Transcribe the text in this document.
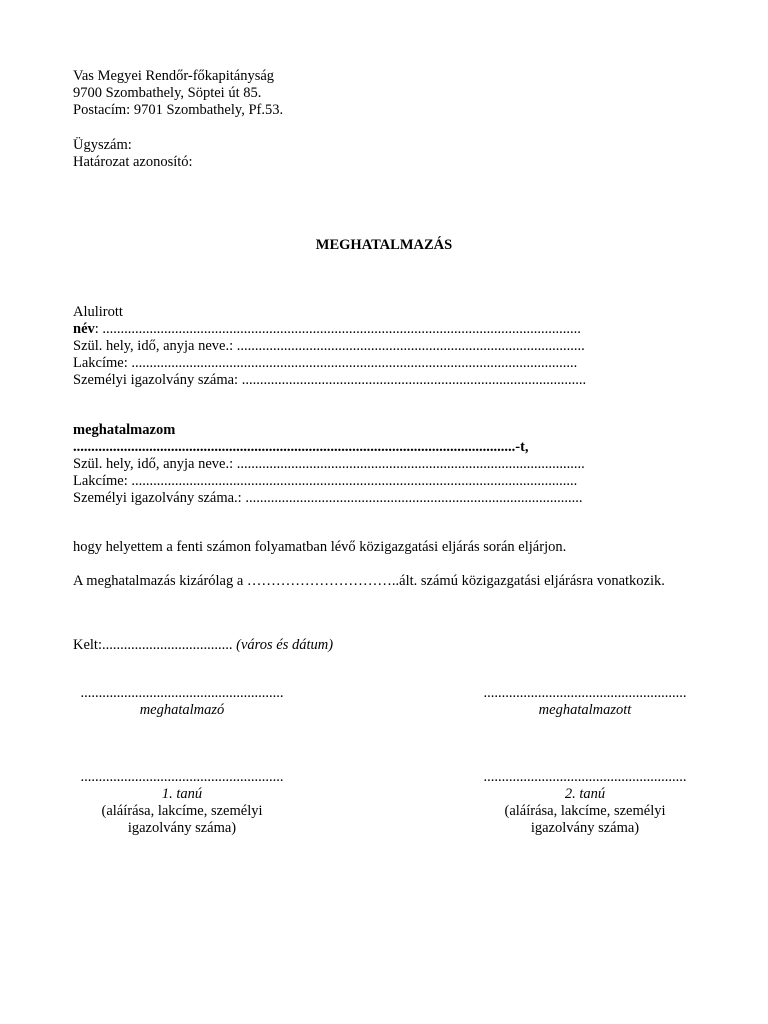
Vas Megyei Rendőr-főkapitányság
9700 Szombathely, Söptei út 85.
Postacím: 9701 Szombathely, Pf.53.
Ügyszám:
Határozat azonosító:
MEGHATALMAZÁS
Alulirott
név: ....................................................................................................................................
Szül. hely, idő, anyja neve.: ................................................................................................
Lakcíme: ...........................................................................................................................
Személyi igazolvány száma: ...............................................................................................
meghatalmazom
..........................................................................................................................-t,
Szül. hely, idő, anyja neve.: ................................................................................................
Lakcíme: ...........................................................................................................................
Személyi igazolvány száma.: .............................................................................................
hogy helyettem a fenti számon folyamatban lévő közigazgatási eljárás során eljárjon.
A meghatalmazás kizárólag a …………………………..ált. számú közigazgatási eljárásra vonatkozik.
Kelt:.................................... (város és dátum)
........................................................
meghatalmazó
........................................................
meghatalmazott
........................................................
1. tanú
(aláírása, lakcíme, személyi
igazolvány száma)
........................................................
2. tanú
(aláírása, lakcíme, személyi
igazolvány száma)
